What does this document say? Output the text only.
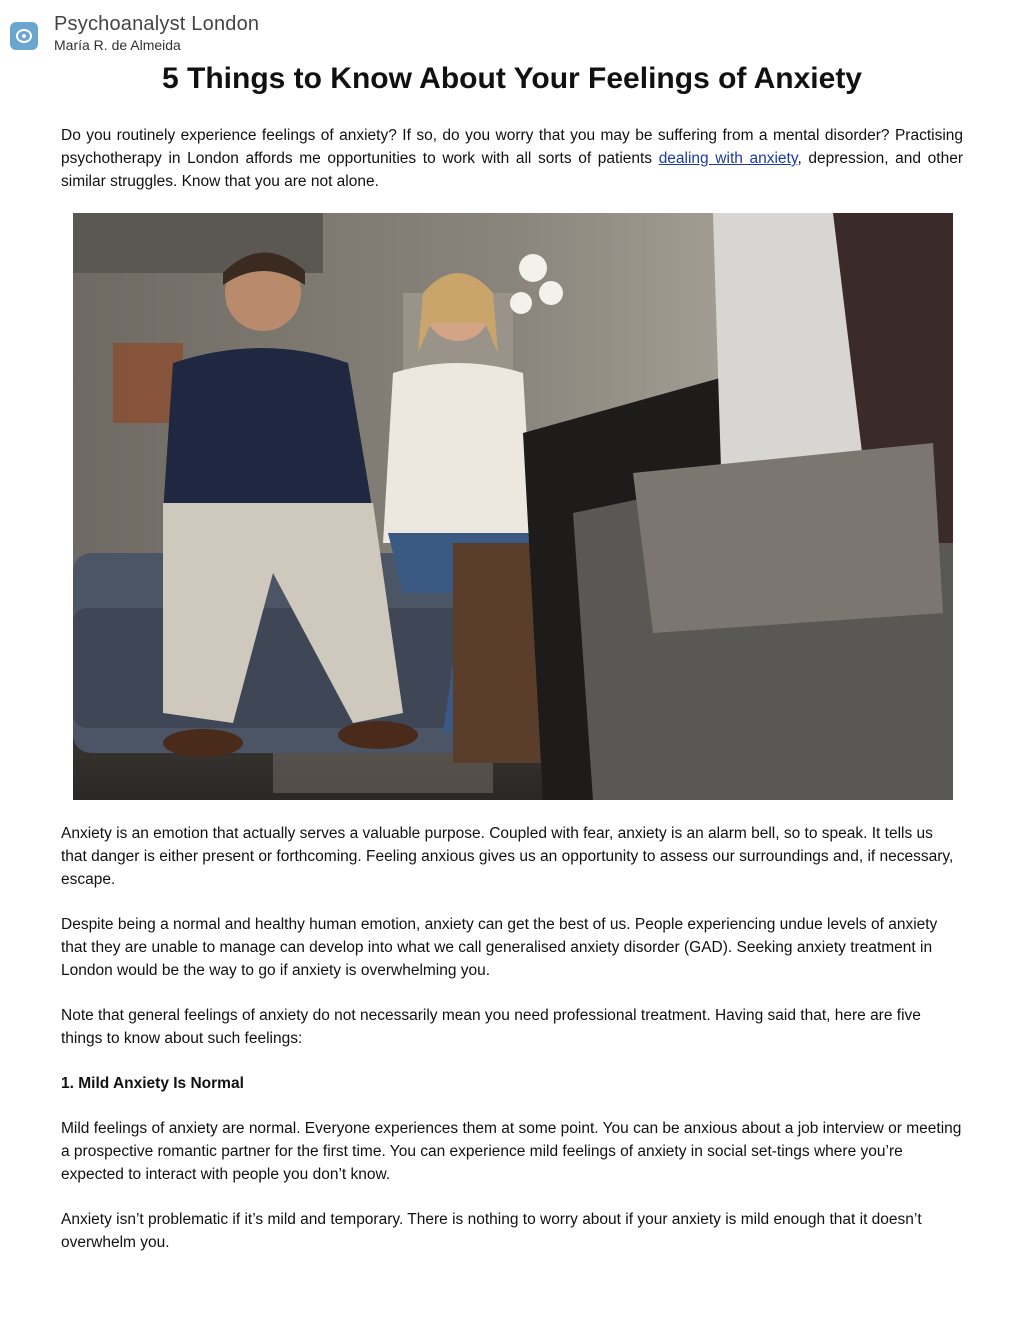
Psychoanalyst London
María R. de Almeida
5 Things to Know About Your Feelings of Anxiety
Do you routinely experience feelings of anxiety? If so, do you worry that you may be suffering from a mental disorder? Practising psychotherapy in London affords me opportunities to work with all sorts of patients dealing with anxiety, depression, and other similar struggles. Know that you are not alone.

Anxiety is an emotion that actually serves a valuable purpose. Coupled with fear, anxiety is an alarm bell, so to speak. It tells us that danger is either present or forthcoming. Feeling anxious gives us an opportunity to assess our surroundings and, if necessary, escape.

Despite being a normal and healthy human emotion, anxiety can get the best of us. People experiencing undue levels of anxiety that they are unable to manage can develop into what we call generalised anxiety disorder (GAD). Seeking anxiety treatment in London would be the way to go if anxiety is overwhelming you.

Note that general feelings of anxiety do not necessarily mean you need professional treatment. Having said that, here are five things to know about such feelings:

1. Mild Anxiety Is Normal

Mild feelings of anxiety are normal. Everyone experiences them at some point. You can be anxious about a job interview or meeting a prospective romantic partner for the first time. You can experience mild feelings of anxiety in social set-tings where you’re expected to interact with people you don’t know.

Anxiety isn’t problematic if it’s mild and temporary. There is nothing to worry about if your anxiety is mild enough that it doesn’t overwhelm you.
